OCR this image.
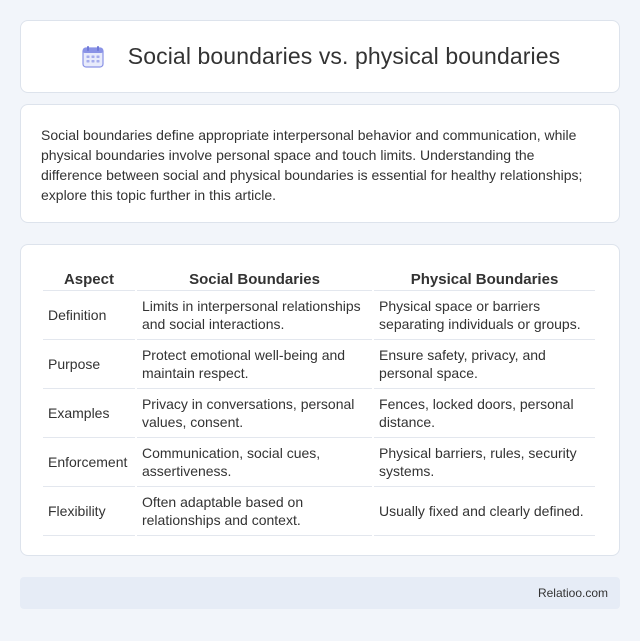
Social boundaries vs. physical boundaries

Social boundaries define appropriate interpersonal behavior and communication, while physical boundaries involve personal space and touch limits. Understanding the difference between social and physical boundaries is essential for healthy relationships; explore this topic further in this article.

Aspect	Social Boundaries	Physical Boundaries
Definition	Limits in interpersonal relationships and social interactions.	Physical space or barriers separating individuals or groups.
Purpose	Protect emotional well-being and maintain respect.	Ensure safety, privacy, and personal space.
Examples	Privacy in conversations, personal values, consent.	Fences, locked doors, personal distance.
Enforcement	Communication, social cues, assertiveness.	Physical barriers, rules, security systems.
Flexibility	Often adaptable based on relationships and context.	Usually fixed and clearly defined.
Relatioo.com
